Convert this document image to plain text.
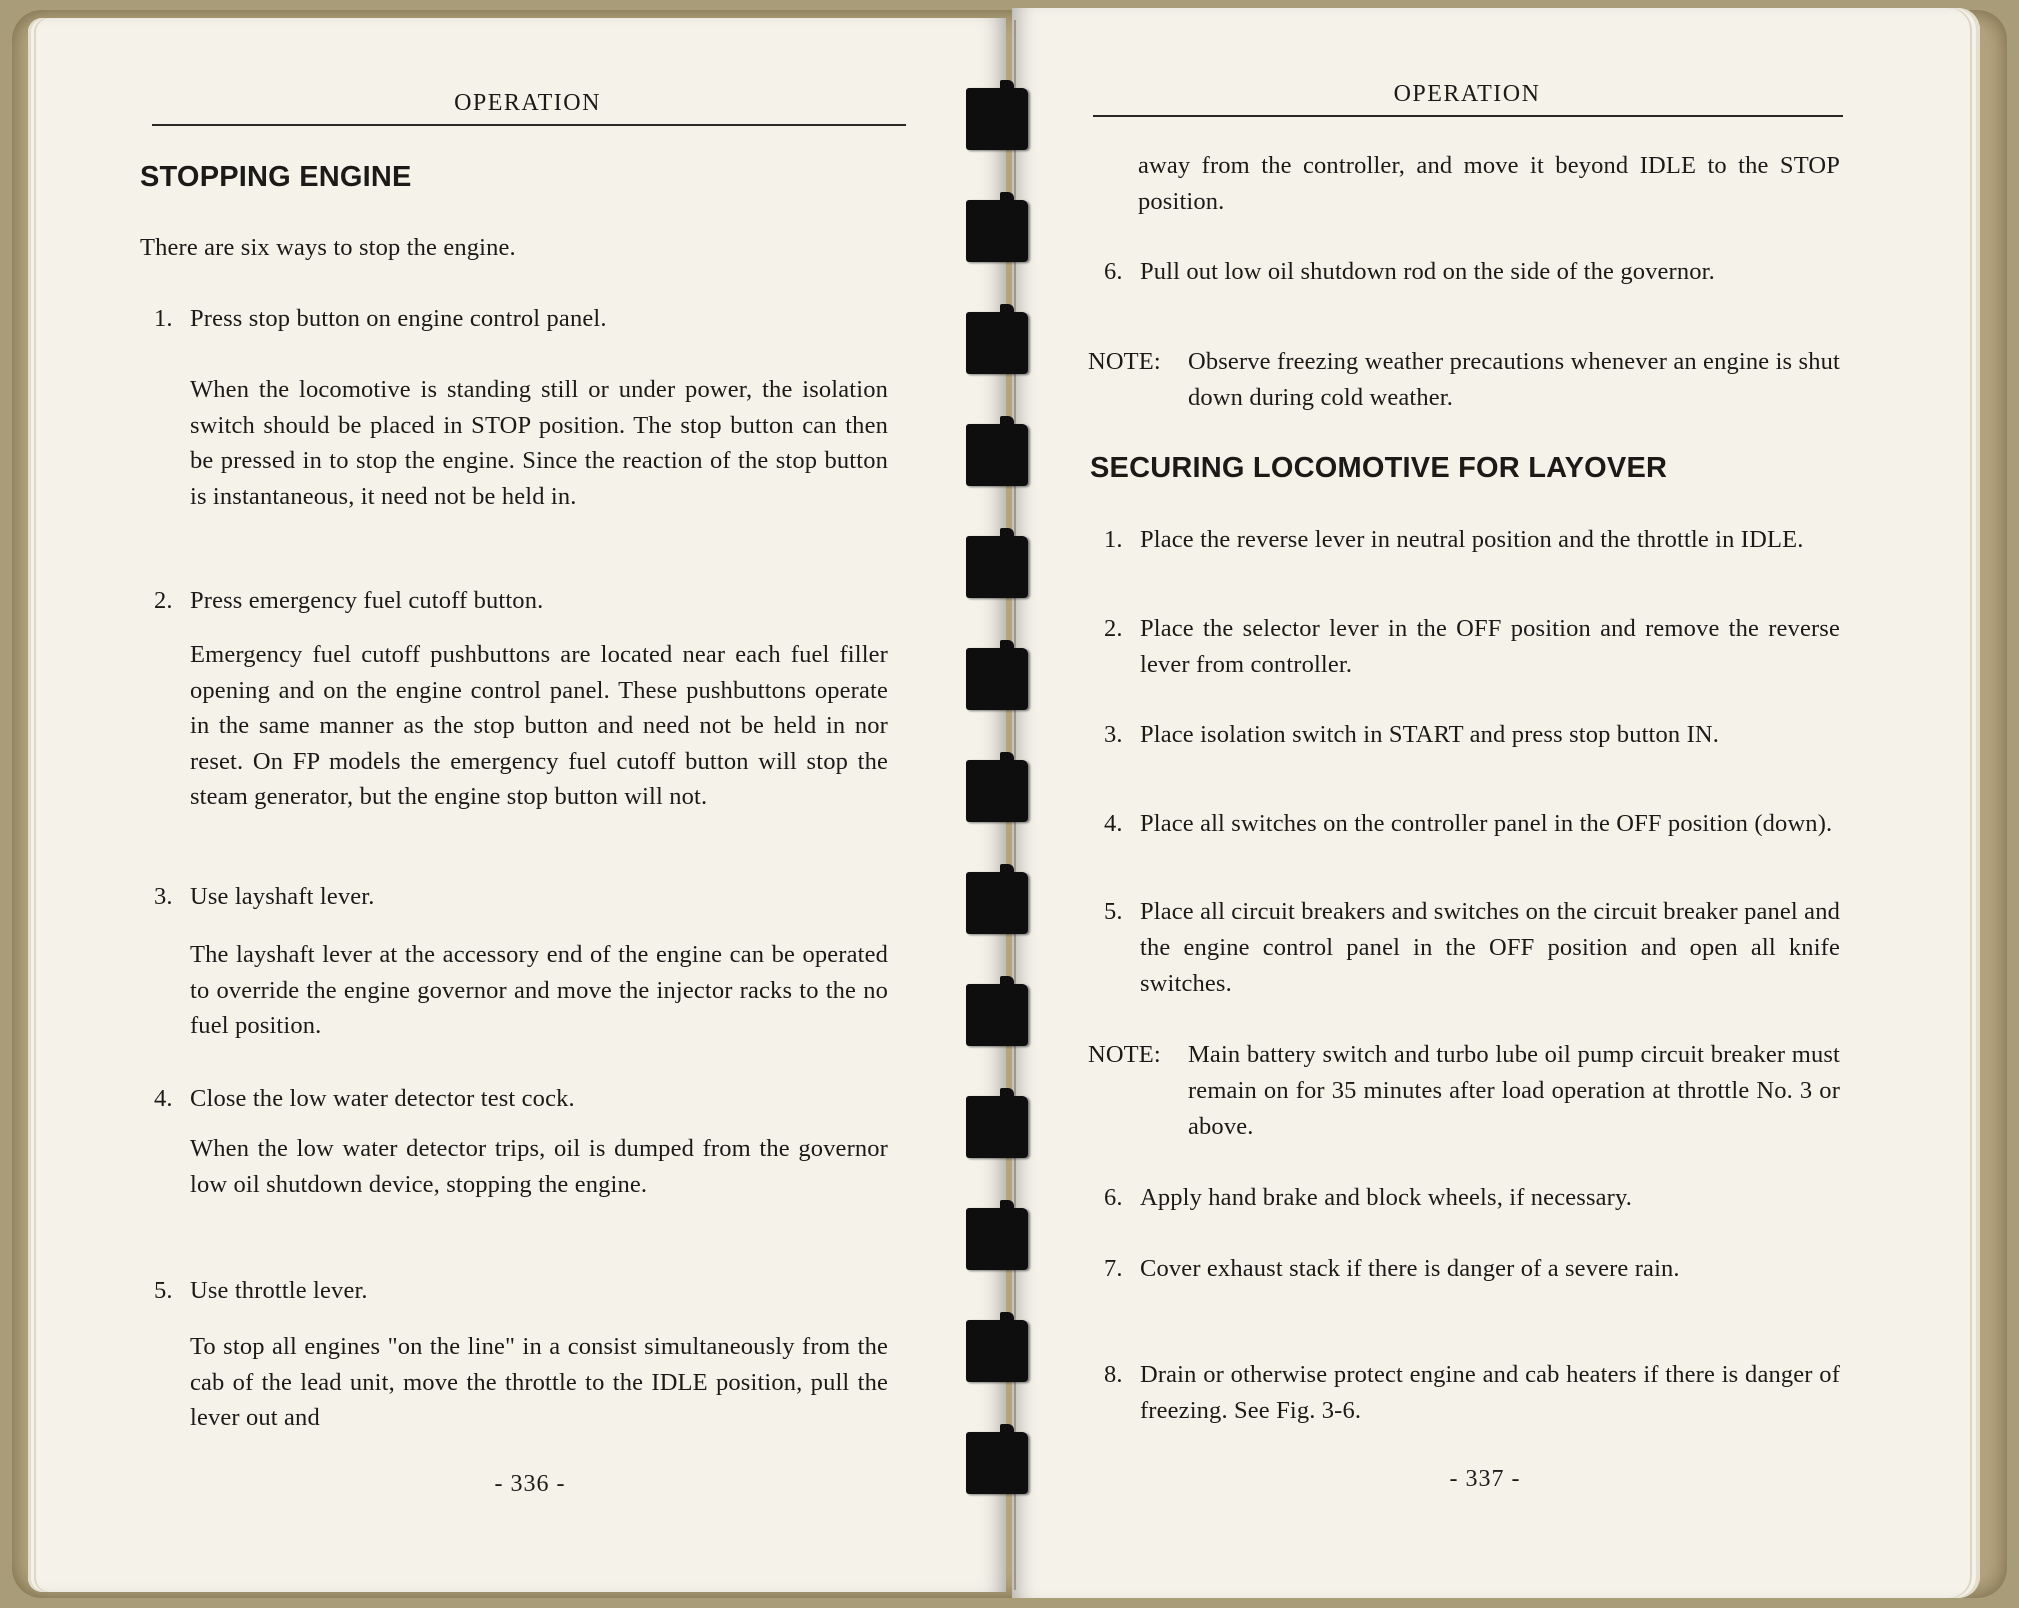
OPERATION
STOPPING ENGINE

There are six ways to stop the engine.

1. Press stop button on engine control panel.

When the locomotive is standing still or under power, the isolation switch should be placed in STOP position. The stop button can then be pressed in to stop the engine. Since the reaction of the stop button is instantaneous, it need not be held in.

2. Press emergency fuel cutoff button.

Emergency fuel cutoff pushbuttons are located near each fuel filler opening and on the engine control panel. These pushbuttons operate in the same manner as the stop button and need not be held in nor reset. On FP models the emergency fuel cutoff button will stop the steam generator, but the engine stop button will not.

3. Use layshaft lever.

The layshaft lever at the accessory end of the engine can be operated to override the engine governor and move the injector racks to the no fuel position.

4. Close the low water detector test cock.

When the low water detector trips, oil is dumped from the governor low oil shutdown device, stopping the engine.

5. Use throttle lever.

To stop all engines "on the line" in a consist simultaneously from the cab of the lead unit, move the throttle to the IDLE position, pull the lever out and

- 336 -
OPERATION

away from the controller, and move it beyond IDLE to the STOP position.

6. Pull out low oil shutdown rod on the side of the governor.
NOTE: Observe freezing weather precautions whenever an engine is shut down during cold weather.
SECURING LOCOMOTIVE FOR LAYOVER
1. Place the reverse lever in neutral position and the throttle in IDLE.
2. Place the selector lever in the OFF position and remove the reverse lever from controller.
3. Place isolation switch in START and press stop button IN.
4. Place all switches on the controller panel in the OFF position (down).
5. Place all circuit breakers and switches on the circuit breaker panel and the engine control panel in the OFF position and open all knife switches.
NOTE: Main battery switch and turbo lube oil pump circuit breaker must remain on for 35 minutes after load operation at throttle No. 3 or above.
6. Apply hand brake and block wheels, if necessary.
7. Cover exhaust stack if there is danger of a severe rain.
8. Drain or otherwise protect engine and cab heaters if there is danger of freezing. See Fig. 3-6.
- 337 -
